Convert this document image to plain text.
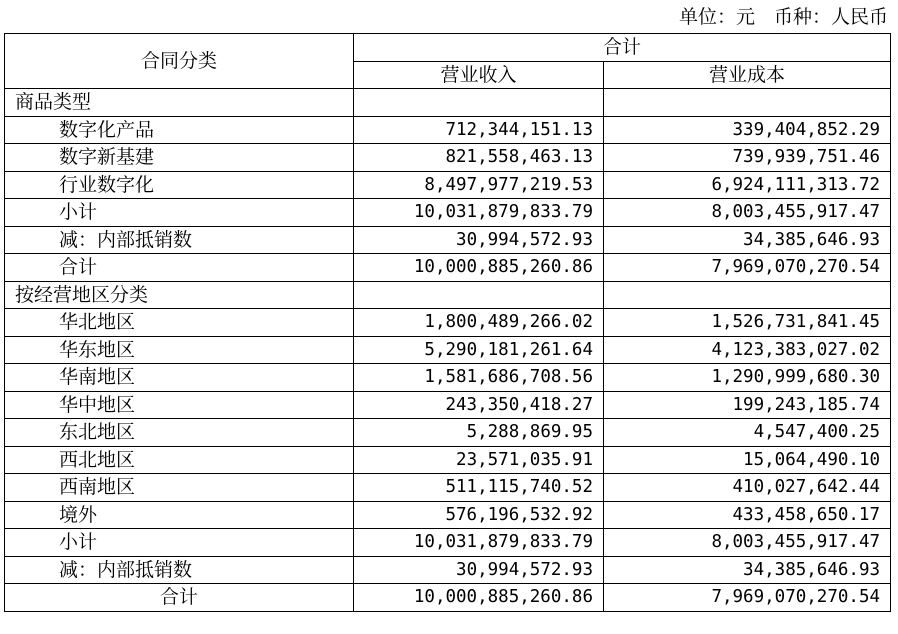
单位：元　币种：人民币
合同分类	合计	
	营业收入	营业成本
商品类型		
数字化产品	712,344,151.13	339,404,852.29
数字新基建	821,558,463.13	739,939,751.46
行业数字化	8,497,977,219.53	6,924,111,313.72
小计	10,031,879,833.79	8,003,455,917.47
减：内部抵销数	30,994,572.93	34,385,646.93
合计	10,000,885,260.86	7,969,070,270.54
按经营地区分类		
华北地区	1,800,489,266.02	1,526,731,841.45
华东地区	5,290,181,261.64	4,123,383,027.02
华南地区	1,581,686,708.56	1,290,999,680.30
华中地区	243,350,418.27	199,243,185.74
东北地区	5,288,869.95	4,547,400.25
西北地区	23,571,035.91	15,064,490.10
西南地区	511,115,740.52	410,027,642.44
境外	576,196,532.92	433,458,650.17
小计	10,031,879,833.79	8,003,455,917.47
减：内部抵销数	30,994,572.93	34,385,646.93
合计	10,000,885,260.86	7,969,070,270.54
